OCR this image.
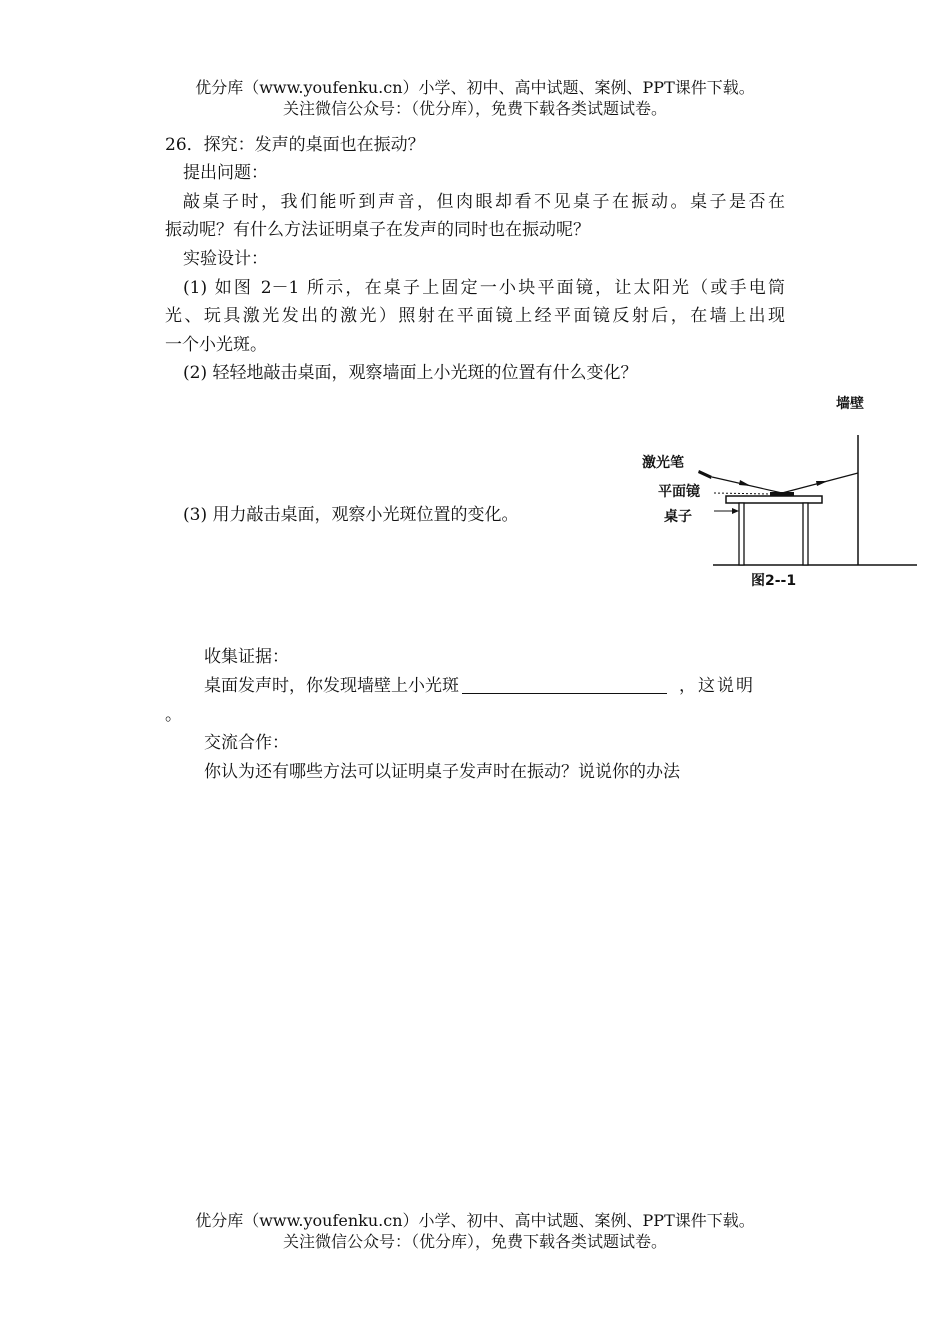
优分库（www.youfenku.cn）小学、初中、高中试题、案例、PPT课件下载。
关注微信公众号：（优分库），免费下载各类试题试卷。
26．探究：发声的桌面也在振动？
提出问题：
敲桌子时，我们能听到声音，但肉眼却看不见桌子在振动。桌子是否在
振动呢？有什么方法证明桌子在发声的同时也在振动呢？
实验设计：
(1) 如图 2－1 所示，在桌子上固定一小块平面镜，让太阳光（或手电筒
光、玩具激光发出的激光）照射在平面镜上经平面镜反射后，在墙上出现
一个小光斑。
(2) 轻轻地敲击桌面，观察墙面上小光斑的位置有什么变化？
(3) 用力敲击桌面，观察小光斑位置的变化。
墙壁
激光笔
平面镜
桌子
图2--1
收集证据：
桌面发声时，你发现墙壁上小光斑	，这说明
。
交流合作：
你认为还有哪些方法可以证明桌子发声时在振动？说说你的办法
优分库（www.youfenku.cn）小学、初中、高中试题、案例、PPT课件下载。
关注微信公众号：（优分库），免费下载各类试题试卷。
